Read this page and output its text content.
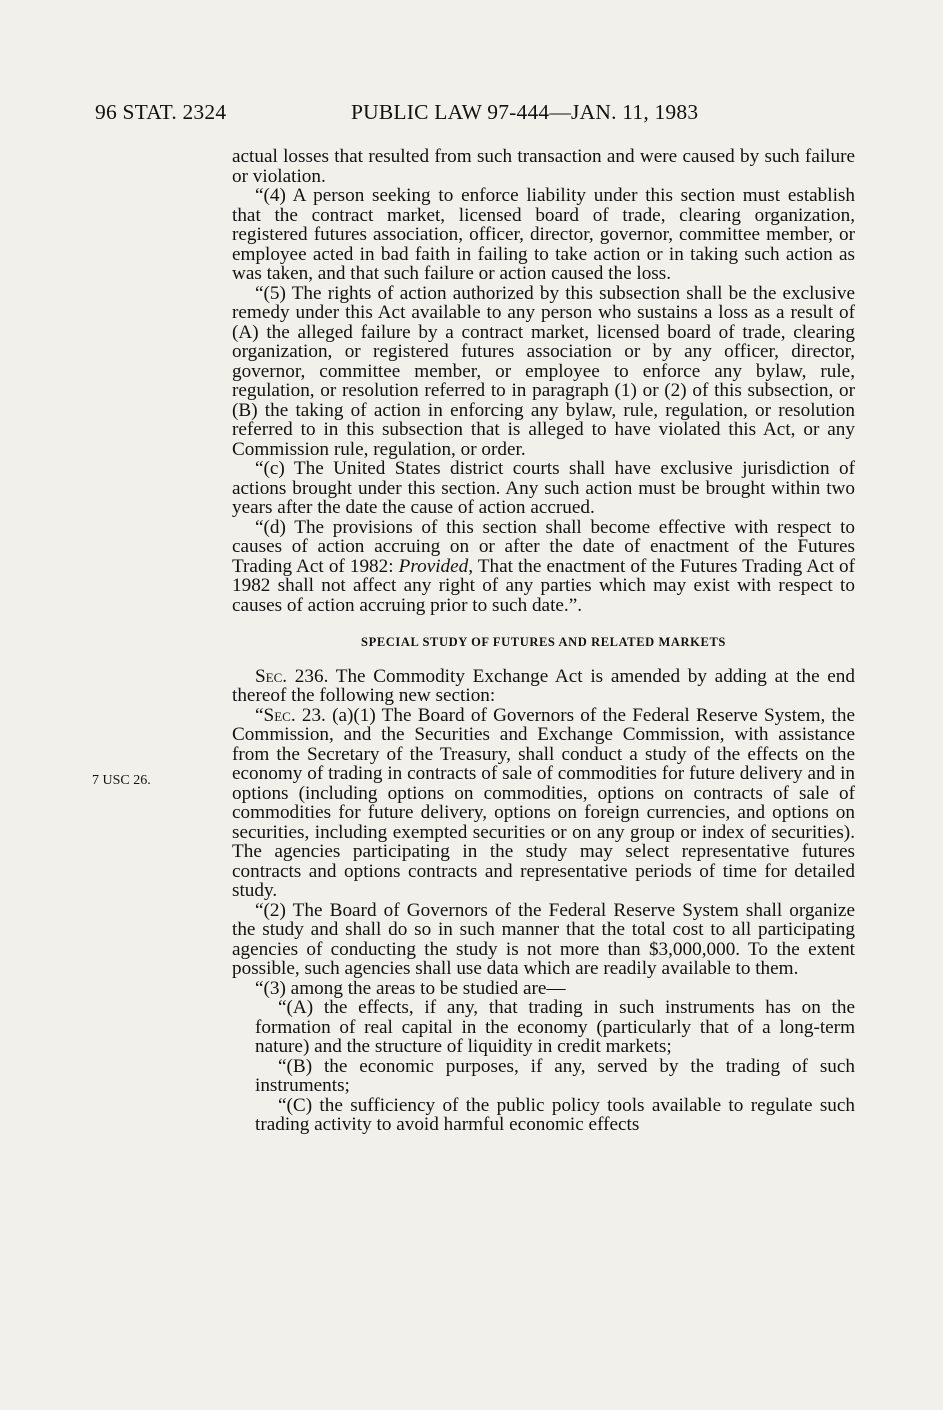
96 STAT. 2324	PUBLIC LAW 97-444—JAN. 11, 1983
7 USC 26.

actual losses that resulted from such transaction and were caused by such failure or violation.

“(4) A person seeking to enforce liability under this section must establish that the contract market, licensed board of trade, clearing organization, registered futures association, officer, director, governor, committee member, or employee acted in bad faith in failing to take action or in taking such action as was taken, and that such failure or action caused the loss.

“(5) The rights of action authorized by this subsection shall be the exclusive remedy under this Act available to any person who sustains a loss as a result of (A) the alleged failure by a contract market, licensed board of trade, clearing organization, or registered futures association or by any officer, director, governor, committee member, or employee to enforce any bylaw, rule, regulation, or resolution referred to in paragraph (1) or (2) of this subsection, or (B) the taking of action in enforcing any bylaw, rule, regulation, or resolution referred to in this subsection that is alleged to have violated this Act, or any Commission rule, regulation, or order.

“(c) The United States district courts shall have exclusive jurisdiction of actions brought under this section. Any such action must be brought within two years after the date the cause of action accrued.

“(d) The provisions of this section shall become effective with respect to causes of action accruing on or after the date of enactment of the Futures Trading Act of 1982: Provided, That the enactment of the Futures Trading Act of 1982 shall not affect any right of any parties which may exist with respect to causes of action accruing prior to such date.”.

SPECIAL STUDY OF FUTURES AND RELATED MARKETS

Sec. 236. The Commodity Exchange Act is amended by adding at the end thereof the following new section:

“Sec. 23. (a)(1) The Board of Governors of the Federal Reserve System, the Commission, and the Securities and Exchange Commission, with assistance from the Secretary of the Treasury, shall conduct a study of the effects on the economy of trading in contracts of sale of commodities for future delivery and in options (including options on commodities, options on contracts of sale of commodities for future delivery, options on foreign currencies, and options on securities, including exempted securities or on any group or index of securities). The agencies participating in the study may select representative futures contracts and options contracts and representative periods of time for detailed study.

“(2) The Board of Governors of the Federal Reserve System shall organize the study and shall do so in such manner that the total cost to all participating agencies of conducting the study is not more than $3,000,000. To the extent possible, such agencies shall use data which are readily available to them.

“(3) among the areas to be studied are—

“(A) the effects, if any, that trading in such instruments has on the formation of real capital in the economy (particularly that of a long-term nature) and the structure of liquidity in credit markets;

“(B) the economic purposes, if any, served by the trading of such instruments;

“(C) the sufficiency of the public policy tools available to regulate such trading activity to avoid harmful economic effects
